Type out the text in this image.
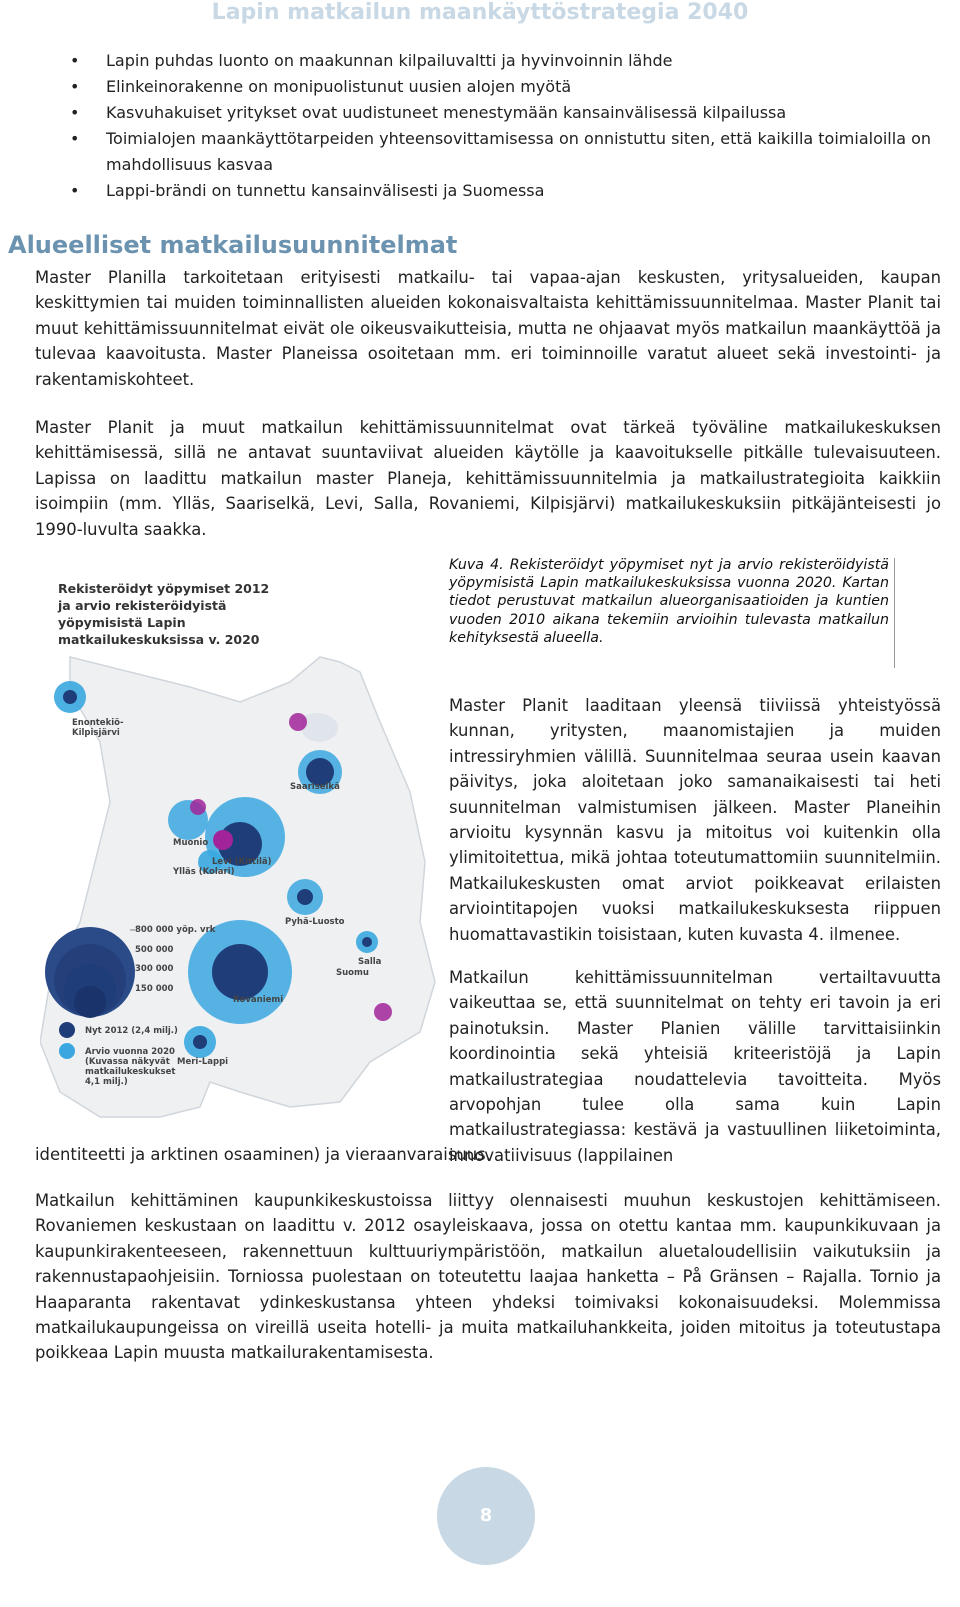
Lapin matkailun maankäyttöstrategia 2040
• Lapin puhdas luonto on maakunnan kilpailuvaltti ja hyvinvoinnin lähde
• Elinkeinorakenne on monipuolistunut uusien alojen myötä
• Kasvuhakuiset yritykset ovat uudistuneet menestymään kansainvälisessä kilpailussa
• Toimialojen maankäyttötarpeiden yhteensovittamisessa on onnistuttu siten, että kaikilla toimialoilla on mahdollisuus kasvaa
• Lappi-brändi on tunnettu kansainvälisesti ja Suomessa
Alueelliset matkailusuunnitelmat

Master Planilla tarkoitetaan erityisesti matkailu- tai vapaa-ajan keskusten, yritysalueiden, kaupan keskittymien tai muiden toiminnallisten alueiden kokonaisvaltaista kehittämissuunnitelmaa. Master Planit tai muut kehittämissuunnitelmat eivät ole oikeusvaikutteisia, mutta ne ohjaavat myös matkailun maankäyttöä ja tulevaa kaavoitusta. Master Planeissa osoitetaan mm. eri toiminnoille varatut alueet sekä investointi- ja rakentamiskohteet.

Master Planit ja muut matkailun kehittämissuunnitelmat ovat tärkeä työväline matkailukeskuksen kehittämisessä, sillä ne antavat suuntaviivat alueiden käytölle ja kaavoitukselle pitkälle tulevaisuuteen. Lapissa on laadittu matkailun master Planeja, kehittämissuunnitelmia ja matkailustrategioita kaikkiin isoimpiin (mm. Ylläs, Saariselkä, Levi, Salla, Rovaniemi, Kilpisjärvi) matkailukeskuksiin pitkäjänteisesti jo 1990-luvulta saakka.

Enontekiö-
Kilpisjärvi
Saariselkä
Muonio
Levi (Kittilä)
Ylläs (Kolari)
Pyhä-Luosto
Salla
Suomu
Rovaniemi
Meri-Lappi
800 000 yöp. vrk
500 000
300 000
150 000
Nyt 2012 (2,4 milj.)
Arvio vuonna 2020
(Kuvassa näkyvät
matkailukeskukset
4,1 milj.)
Rekisteröidyt yöpymiset 2012
ja arvio rekisteröidyistä
yöpymisistä Lapin
matkailukeskuksissa v. 2020
Kuva 4. Rekisteröidyt yöpymiset nyt ja arvio rekisteröidyistä yöpymisistä Lapin matkailukeskuksissa vuonna 2020. Kartan tiedot perustuvat matkailun alueorganisaatioiden ja kuntien vuoden 2010 aikana tekemiin arvioihin tulevasta matkailun kehityksestä alueella.

Master Planit laaditaan yleensä tiiviissä yhteistyössä kunnan, yritysten, maanomistajien ja muiden intressiryhmien välillä. Suunnitelmaa seuraa usein kaavan päivitys, joka aloitetaan joko samanaikaisesti tai heti suunnitelman valmistumisen jälkeen. Master Planeihin arvioitu kysynnän kasvu ja mitoitus voi kuitenkin olla ylimitoitettua, mikä johtaa toteutumattomiin suunnitelmiin. Matkailukeskusten omat arviot poikkeavat erilaisten arviointitapojen vuoksi matkailukeskuksesta riippuen huomattavastikin toisistaan, kuten kuvasta 4. ilmenee.

Matkailun kehittämissuunnitelman vertailtavuutta vaikeuttaa se, että suunnitelmat on tehty eri tavoin ja eri painotuksin. Master Planien välille tarvittaisiinkin koordinointia sekä yhteisiä kriteeristöjä ja Lapin matkailustrategiaa noudattelevia tavoitteita. Myös arvopohjan tulee olla sama kuin Lapin matkailustrategiassa: kestävä ja vastuullinen liiketoiminta, innovatiivisuus (lappilainen

identiteetti ja arktinen osaaminen) ja vieraanvaraisuus.

Matkailun kehittäminen kaupunkikeskustoissa liittyy olennaisesti muuhun keskustojen kehittämiseen. Rovaniemen keskustaan on laadittu v. 2012 osayleiskaava, jossa on otettu kantaa mm. kaupunkikuvaan ja kaupunkirakenteeseen, rakennettuun kulttuuriympäristöön, matkailun aluetaloudellisiin vaikutuksiin ja rakennustapaohjeisiin. Torniossa puolestaan on toteutettu laajaa hanketta – På Gränsen – Rajalla. Tornio ja Haaparanta rakentavat ydinkeskustansa yhteen yhdeksi toimivaksi kokonaisuudeksi. Molemmissa matkailukaupungeissa on vireillä useita hotelli- ja muita matkailuhankkeita, joiden mitoitus ja toteutustapa poikkeaa Lapin muusta matkailurakentamisesta.

8
